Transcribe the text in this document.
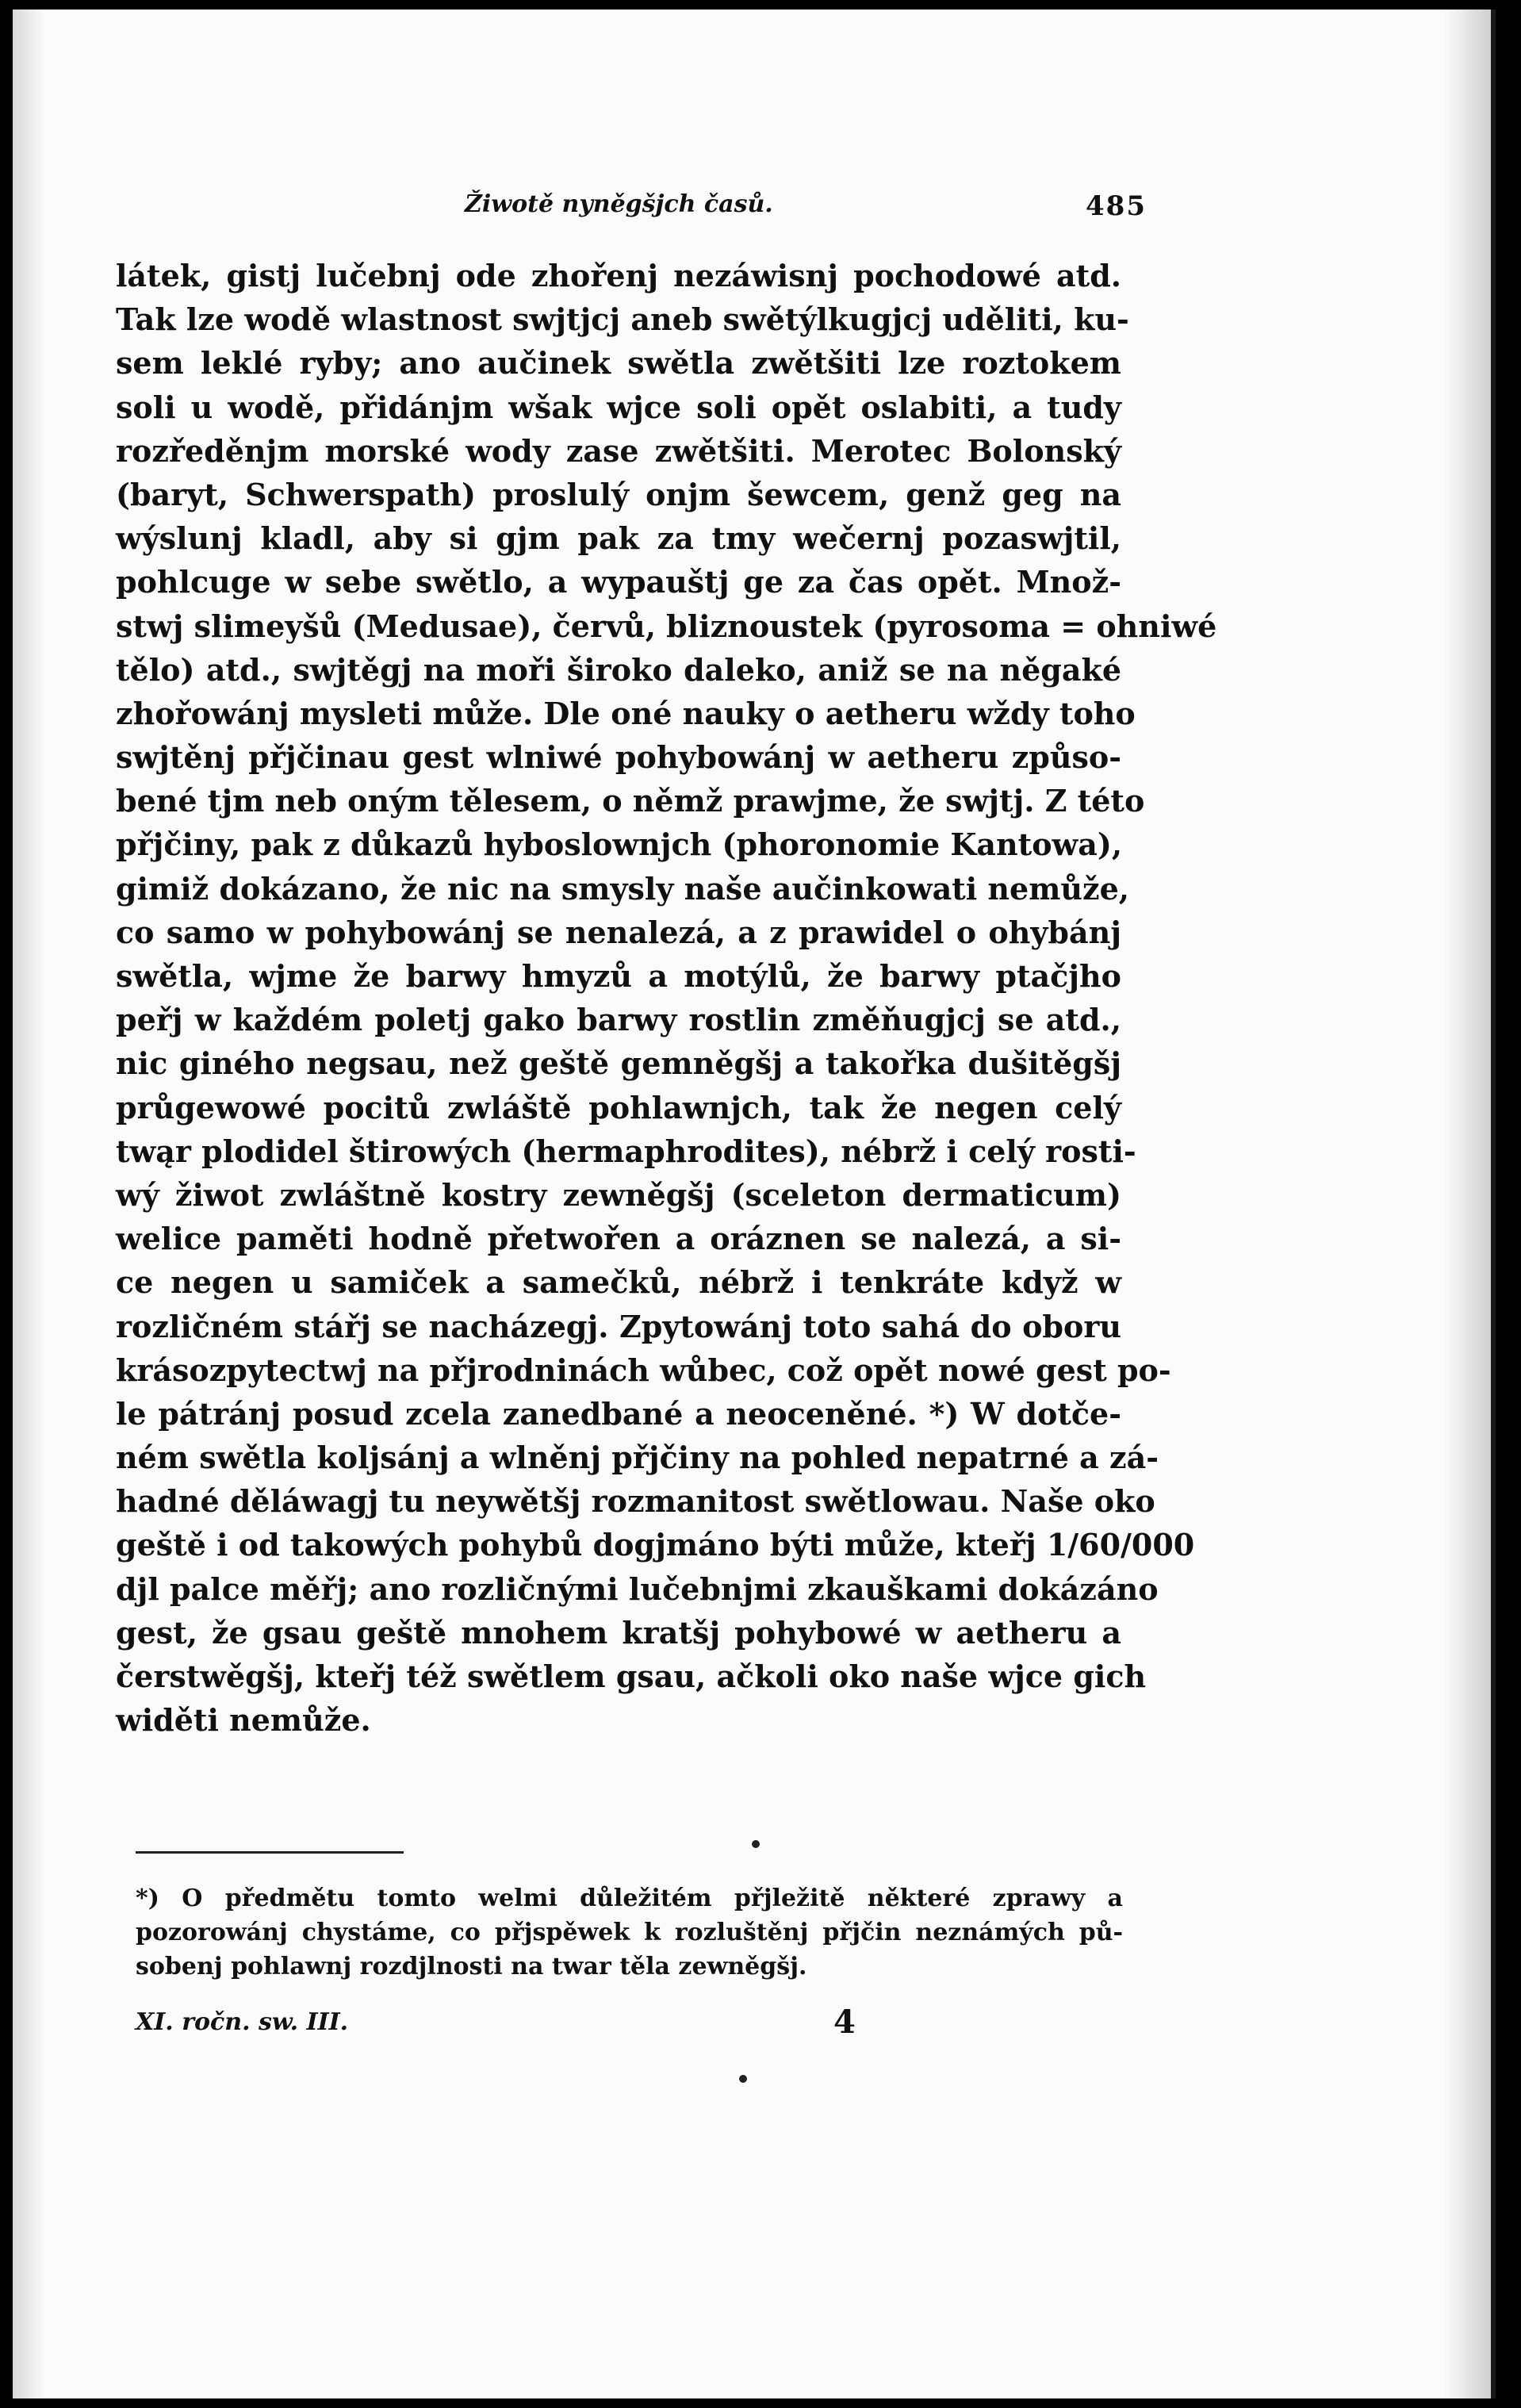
Žiwotě nyněgšjch časů.	485
látek, gistj lučebnj ode zhořenj nezáwisnj pochodowé atd.
Tak lze wodě wlastnost swjtjcj aneb swětýlkugjcj uděliti, ku-
sem leklé ryby; ano aučinek swětla zwětšiti lze roztokem
soli u wodě, přidánjm wšak wjce soli opět oslabiti, a tudy
rozředěnjm morské wody zase zwětšiti. Merotec Bolonský
(baryt, Schwerspath) proslulý onjm šewcem, genž geg na
wýslunj kladl, aby si gjm pak za tmy wečernj pozaswjtil,
pohlcuge w sebe swětlo, a wypauštj ge za čas opět. Množ-
stwj slimeyšů (Medusae), červů, bliznoustek (pyrosoma = ohniwé
tělo) atd., swjtěgj na moři široko daleko, aniž se na něgaké
zhořowánj mysleti může. Dle oné nauky o aetheru wždy toho
swjtěnj přjčinau gest wlniwé pohybowánj w aetheru způso-
bené tjm neb oným tělesem, o němž prawjme, že swjtj. Z této
přjčiny, pak z důkazů hyboslownjch (phoronomie Kantowa),
gimiž dokázano, že nic na smysly naše aučinkowati nemůže,
co samo w pohybowánj se nenalezá, a z prawidel o ohybánj
swětla, wjme že barwy hmyzů a motýlů, že barwy ptačjho
peřj w každém poletj gako barwy rostlin změňugjcj se atd.,
nic giného negsau, než geště gemněgšj a takořka dušitěgšj
průgewowé pocitů zwláště pohlawnjch, tak že negen celý
twąr plodidel štirowých (hermaphrodites), nébrž i celý rosti-
wý žiwot zwláštně kostry zewněgšj (sceleton dermaticum)
welice paměti hodně přetwořen a oráznen se nalezá, a si-
ce negen u samiček a samečků, nébrž i tenkráte když w
rozličném stářj se nacházegj. Zpytowánj toto sahá do oboru
krásozpytectwj na přjrodninách wůbec, což opět nowé gest po-
le pátránj posud zcela zanedbané a neoceněné. *) W dotče-
ném swětla koljsánj a wlněnj přjčiny na pohled nepatrné a zá-
hadné děláwagj tu neywětšj rozmanitost swětlowau. Naše oko
geště i od takowých pohybů dogjmáno býti může, kteřj 1/60/000
djl palce měřj; ano rozličnými lučebnjmi zkauškami dokázáno
gest, že gsau geště mnohem kratšj pohybowé w aetheru a
čerstwěgšj, kteřj též swětlem gsau, ačkoli oko naše wjce gich
widěti nemůže.
*) O předmětu tomto welmi důležitém přjležitě některé zprawy a
pozorowánj chystáme, co přjspěwek k rozluštěnj přjčin neznámých pů-
sobenj pohlawnj rozdjlnosti na twar těla zewněgšj.
XI. ročn. sw. III.	4
